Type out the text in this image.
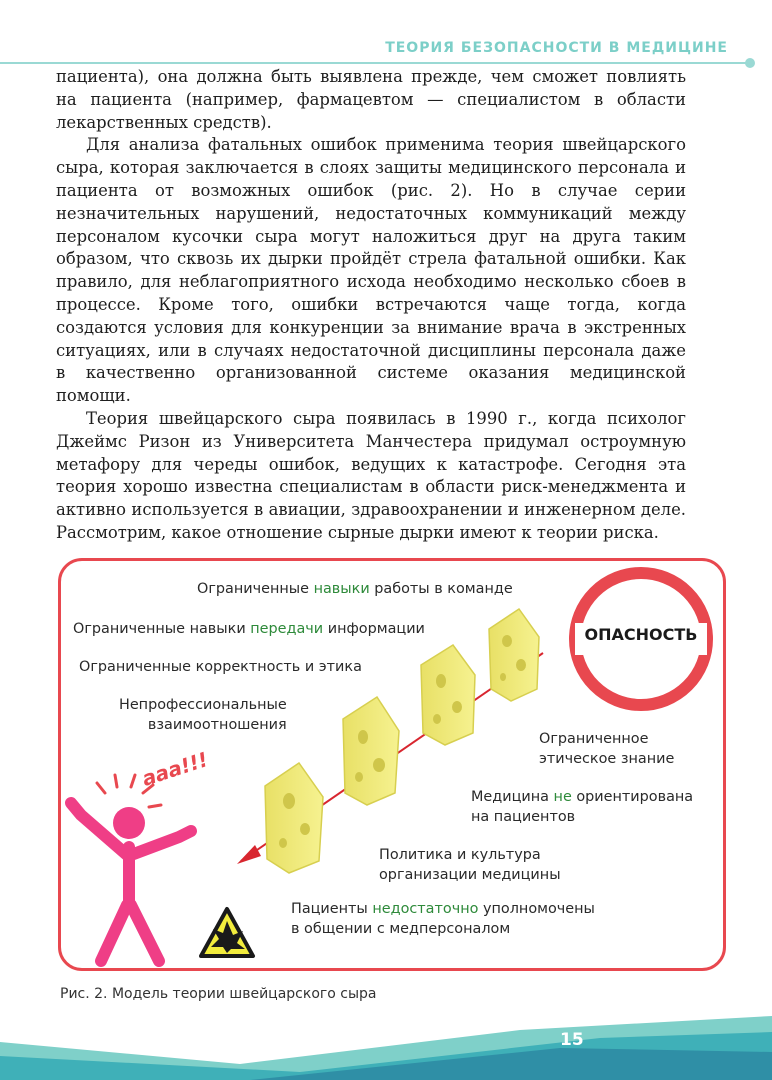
ТЕОРИЯ БЕЗОПАСНОСТИ В МЕДИЦИНЕ

пациента), она должна быть выявлена прежде, чем сможет повлиять на пациента (например, фармацевтом — специалистом в области лекарственных средств).

Для анализа фатальных ошибок применима теория швейцарского сыра, которая заключается в слоях защиты медицинского персонала и пациента от возможных ошибок (рис. 2). Но в случае серии незначительных нарушений, недостаточных коммуникаций между персоналом кусочки сыра могут наложиться друг на друга таким образом, что сквозь их дырки пройдёт стрела фатальной ошибки. Как правило, для неблагоприятного исхода необходимо несколько сбоев в процессе. Кроме того, ошибки встречаются чаще тогда, когда создаются условия для конкуренции за внимание врача в экстренных ситуациях, или в случаях недостаточной дисциплины персонала даже в качественно организованной системе оказания медицинской помощи.

Теория швейцарского сыра появилась в 1990 г., когда психолог Джеймс Ризон из Университета Манчестера придумал остроумную метафору для череды ошибок, ведущих к катастрофе. Сегодня эта теория хорошо известна специалистам в области риск-менеджмента и активно используется в авиации, здравоохранении и инженерном деле. Рассмотрим, какое отношение сырные дырки имеют к теории риска.

Ограниченные навыки работы в команде
Ограниченные навыки передачи информации
Ограниченные корректность и этика
Непрофессиональные
взаимоотношения
Ограниченное
этическое знание
Медицина не ориентирована
на пациентов
Политика и культура
организации медицины
Пациенты недостаточно уполномочены
в общении с медперсоналом
ОПАСНОСТЬ
ааа!!!
Рис. 2. Модель теории швейцарского сыра
15
